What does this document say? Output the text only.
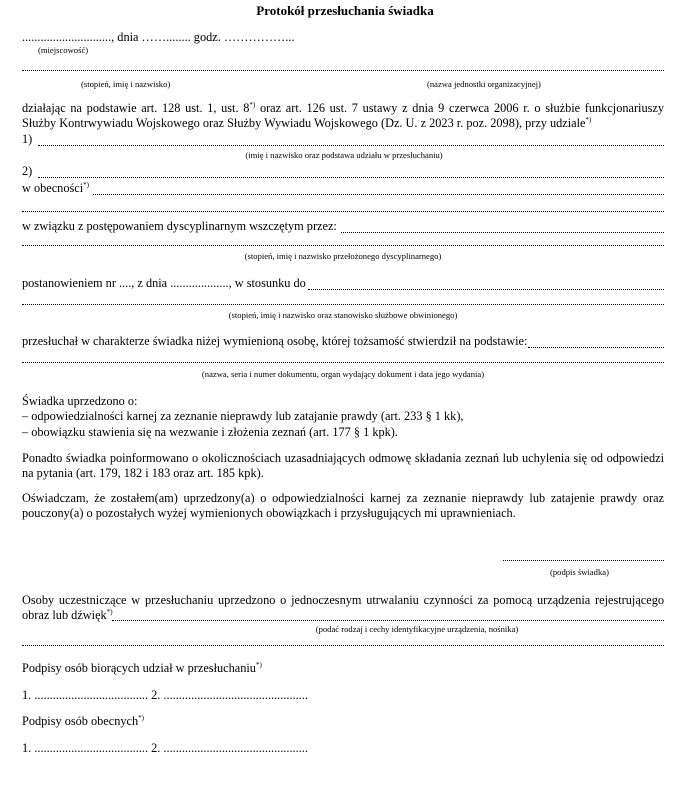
Protokół przesłuchania świadka
............................., dnia ……........ godz. ……………...
(miejscowość)
(stopień, imię i nazwisko)	(nazwa jednostki organizacyjnej)
działając na podstawie art. 128 ust. 1, ust. 8*) oraz art. 126 ust. 7 ustawy z dnia 9 czerwca 2006 r. o służbie funkcjonariuszy Służby Kontrwywiadu Wojskowego oraz Służby Wywiadu Wojskowego (Dz. U. z 2023 r. poz. 2098), przy udziale*)
1)
(imię i nazwisko oraz podstawa udziału w przesłuchaniu)
2)
w obecności*)
w związku z postępowaniem dyscyplinarnym wszczętym przez:
(stopień, imię i nazwisko przełożonego dyscyplinarnego)
postanowieniem nr ...., z dnia ..................., w stosunku do
(stopień, imię i nazwisko oraz stanowisko służbowe obwinionego)
przesłuchał w charakterze świadka niżej wymienioną osobę, której tożsamość stwierdził na podstawie:
(nazwa, seria i numer dokumentu, organ wydający dokument i data jego wydania)
Świadka uprzedzono o:
– odpowiedzialności karnej za zeznanie nieprawdy lub zatajanie prawdy (art. 233 § 1 kk),
– obowiązku stawienia się na wezwanie i złożenia zeznań (art. 177 § 1 kpk).
Ponadto świadka poinformowano o okolicznościach uzasadniających odmowę składania zeznań lub uchylenia się od odpowiedzi na pytania (art. 179, 182 i 183 oraz art. 185 kpk).
Oświadczam, że zostałem(am) uprzedzony(a) o odpowiedzialności karnej za zeznanie nieprawdy lub zatajenie prawdy oraz pouczony(a) o pozostałych wyżej wymienionych obowiązkach i przysługujących mi uprawnieniach.
(podpis świadka)
Osoby uczestniczące w przesłuchaniu uprzedzono o jednoczesnym utrwalaniu czynności za pomocą urządzenia rejestrującego obraz lub dźwięk*)
(podać rodzaj i cechy identyfikacyjne urządzenia, nośnika)
Podpisy osób biorących udział w przesłuchaniu*)
1. ..................................... 2. ...............................................
Podpisy osób obecnych*)
1. ..................................... 2. ...............................................
